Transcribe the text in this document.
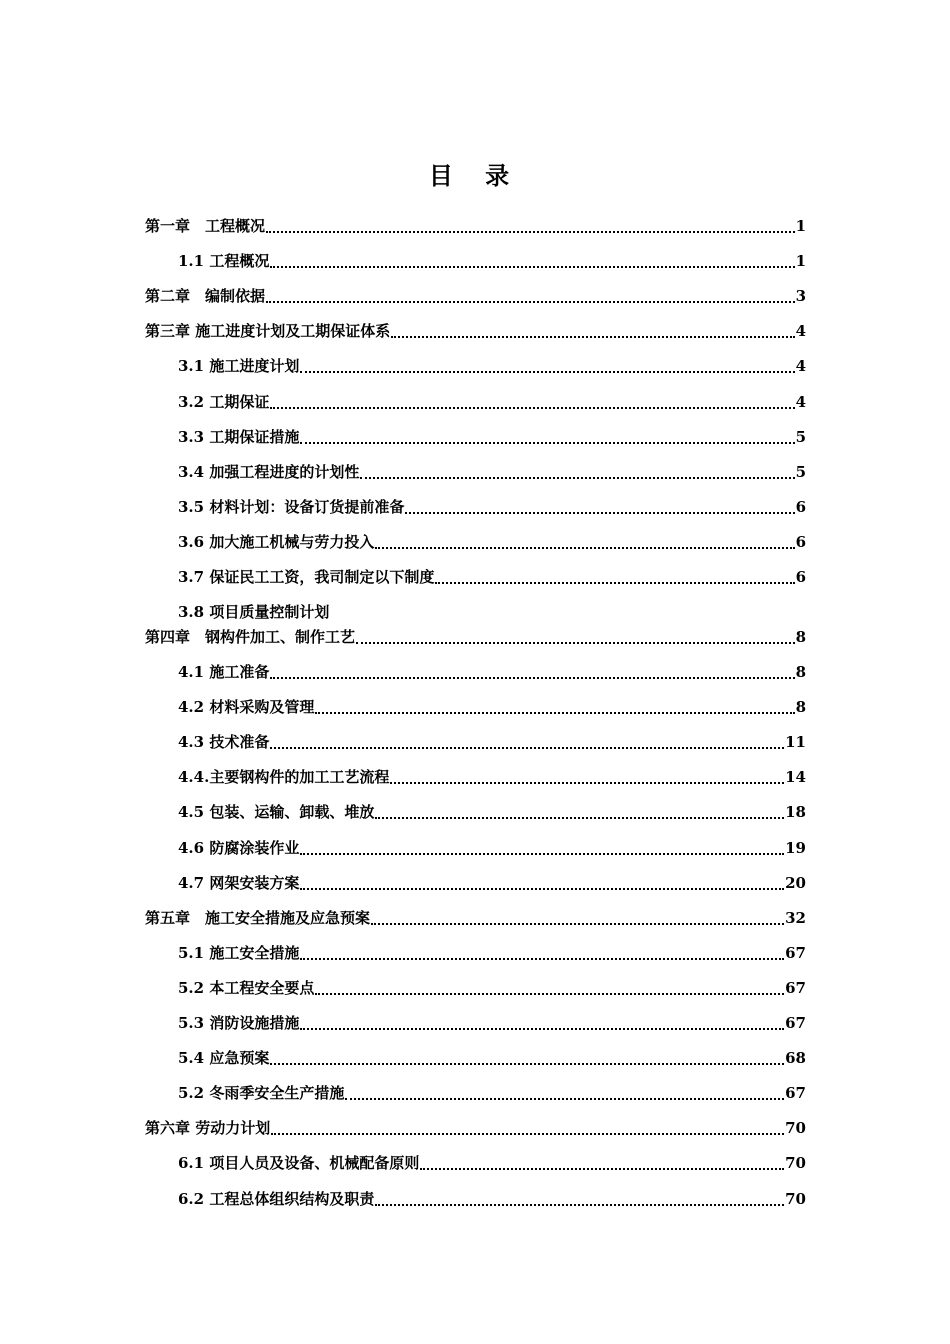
目 录
第一章　工程概况	1
1.1 工程概况	1
第二章　编制依据	3
第三章 施工进度计划及工期保证体系	4
3.1 施工进度计划	4
3.2 工期保证	4
3.3 工期保证措施	5
3.4 加强工程进度的计划性	5
3.5 材料计划：设备订货提前准备	6
3.6 加大施工机械与劳力投入	6
3.7 保证民工工资，我司制定以下制度	6
3.8 项目质量控制计划
第四章　钢构件加工、制作工艺	8
4.1 施工准备	8
4.2 材料采购及管理	8
4.3 技术准备	11
4.4.主要钢构件的加工工艺流程	14
4.5 包装、运输、卸载、堆放	18
4.6 防腐涂装作业	19
4.7 网架安装方案	20
第五章　施工安全措施及应急预案	32
5.1 施工安全措施	67
5.2 本工程安全要点	67
5.3 消防设施措施	67
5.4 应急预案	68
5.2 冬雨季安全生产措施	67
第六章 劳动力计划	70
6.1 项目人员及设备、机械配备原则	70
6.2 工程总体组织结构及职责	70
